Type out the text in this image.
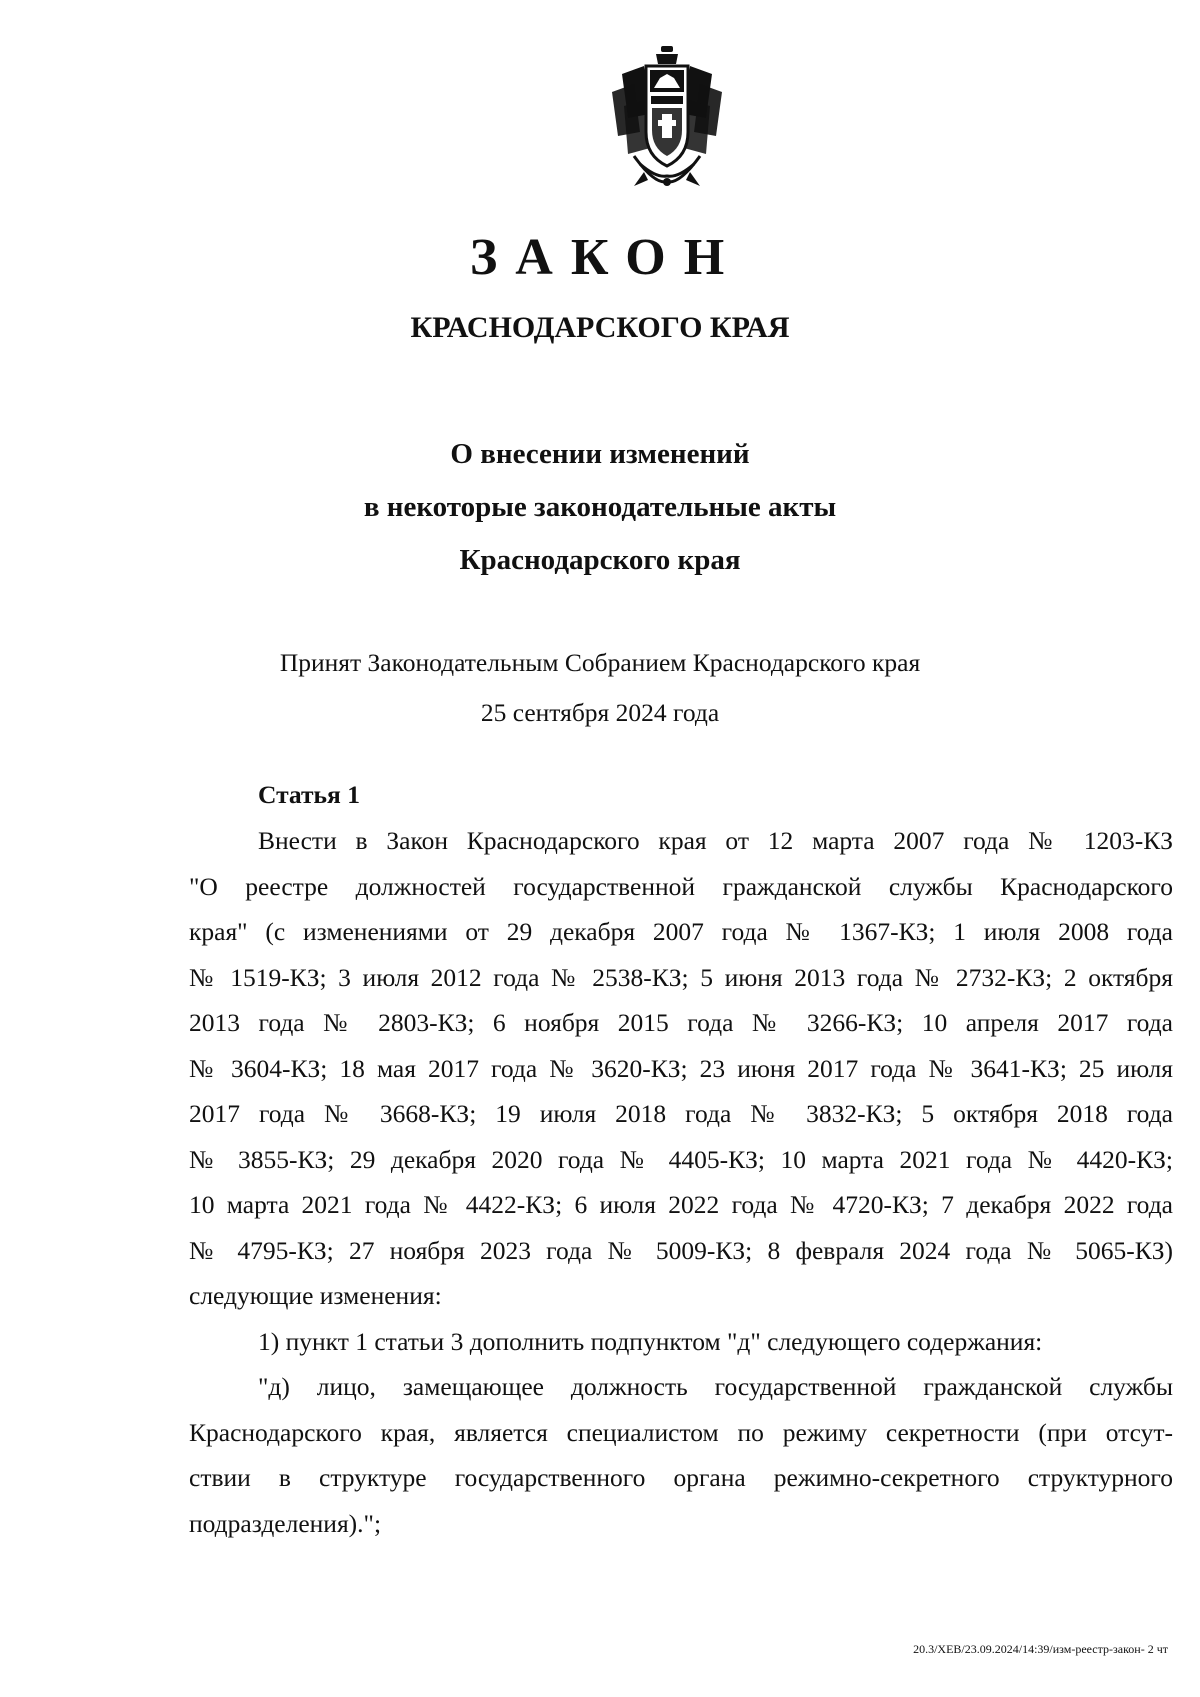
ЗАКОН
КРАСНОДАРСКОГО КРАЯ
О внесении изменений
в некоторые законодательные акты
Краснодарского края
Принят Законодательным Собранием Краснодарского края
25 сентября 2024 года
Статья 1
Внести в Закон Краснодарского края от 12 марта 2007 года № 1203-КЗ
"О реестре должностей государственной гражданской службы Краснодарского
края" (с изменениями от 29 декабря 2007 года № 1367-КЗ; 1 июля 2008 года
№ 1519-КЗ; 3 июля 2012 года № 2538-КЗ; 5 июня 2013 года № 2732-КЗ; 2 октября
2013 года № 2803-КЗ; 6 ноября 2015 года № 3266-КЗ; 10 апреля 2017 года
№ 3604-КЗ; 18 мая 2017 года № 3620-КЗ; 23 июня 2017 года № 3641-КЗ; 25 июля
2017 года № 3668-КЗ; 19 июля 2018 года № 3832-КЗ; 5 октября 2018 года
№ 3855-КЗ; 29 декабря 2020 года № 4405-КЗ; 10 марта 2021 года № 4420-КЗ;
10 марта 2021 года № 4422-КЗ; 6 июля 2022 года № 4720-КЗ; 7 декабря 2022 года
№ 4795-КЗ; 27 ноября 2023 года № 5009-КЗ; 8 февраля 2024 года № 5065-КЗ)
следующие изменения:
1) пункт 1 статьи 3 дополнить подпунктом "д" следующего содержания:
"д) лицо, замещающее должность государственной гражданской службы
Краснодарского края, является специалистом по режиму секретности (при отсут-
ствии в структуре государственного органа режимно-секретного структурного
подразделения).";
20.3/ХЕВ/23.09.2024/14:39/изм-реестр-закон- 2 чт
